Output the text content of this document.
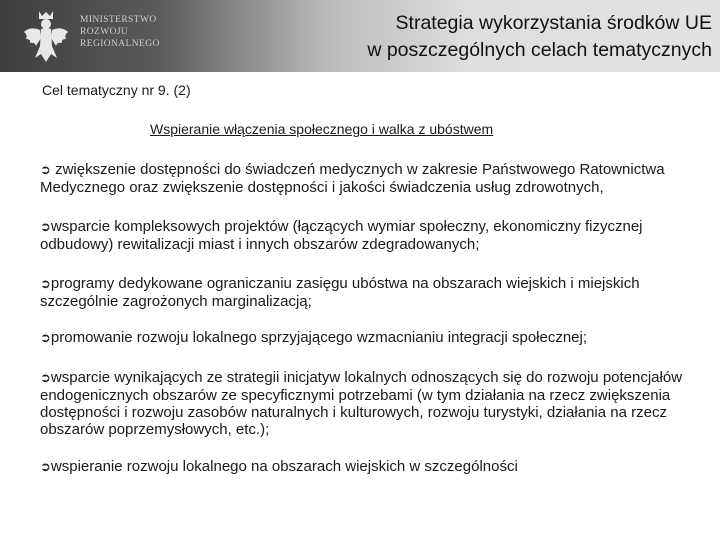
MINISTERSTWO
ROZWOJU
REGIONALNEGO
Strategia wykorzystania środków UE
w poszczególnych celach tematycznych
Cel tematyczny nr 9. (2)
Wspieranie włączenia społecznego i walka z ubóstwem
➲ zwiększenie dostępności do świadczeń medycznych w zakresie Państwowego Ratownictwa Medycznego oraz zwiększenie dostępności i jakości świadczenia usług zdrowotnych,
➲wsparcie kompleksowych projektów (łączących wymiar społeczny, ekonomiczny fizycznej odbudowy) rewitalizacji miast i innych obszarów zdegradowanych;
➲programy dedykowane ograniczaniu zasięgu ubóstwa na obszarach wiejskich i miejskich szczególnie zagrożonych marginalizacją;
➲promowanie rozwoju lokalnego sprzyjającego wzmacnianiu integracji społecznej;
➲wsparcie wynikających ze strategii inicjatyw lokalnych odnoszących się do rozwoju potencjałów endogenicznych obszarów ze specyficznymi potrzebami (w tym działania na rzecz zwiększenia dostępności i rozwoju zasobów naturalnych i kulturowych, rozwoju turystyki, działania na rzecz obszarów poprzemysłowych, etc.);
➲wspieranie rozwoju lokalnego na obszarach wiejskich w szczególności
